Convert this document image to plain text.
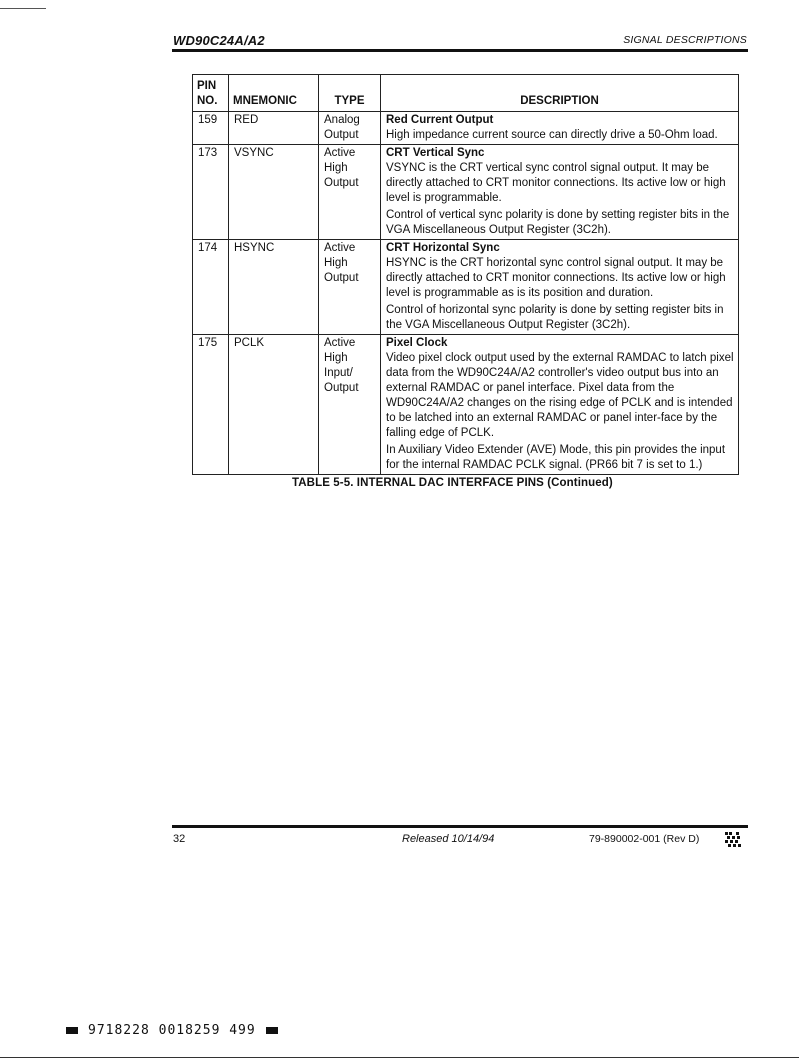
WD90C24A/A2	SIGNAL DESCRIPTIONS
PIN
NO.	MNEMONIC	TYPE	DESCRIPTION
159	RED	Analog Output	Red Current Output
High impedance current source can directly drive a 50-Ohm load.

173	VSYNC	Active High Output	CRT Vertical Sync
VSYNC is the CRT vertical sync control signal output. It may be directly attached to CRT monitor connections. Its active low or high level is programmable.
Control of vertical sync polarity is done by setting register bits in the VGA Miscellaneous Output Register (3C2h).

174	HSYNC	Active High Output	CRT Horizontal Sync
HSYNC is the CRT horizontal sync control signal output. It may be directly attached to CRT monitor connections. Its active low or high level is programmable as is its position and duration.
Control of horizontal sync polarity is done by setting register bits in the VGA Miscellaneous Output Register (3C2h).

175	PCLK	Active High Input/ Output	Pixel Clock
Video pixel clock output used by the external RAMDAC to latch pixel data from the WD90C24A/A2 controller's video output bus into an external RAMDAC or panel interface. Pixel data from the WD90C24A/A2 changes on the rising edge of PCLK and is intended to be latched into an external RAMDAC or panel inter-face by the falling edge of PCLK.
In Auxiliary Video Extender (AVE) Mode, this pin provides the input for the internal RAMDAC PCLK signal. (PR66 bit 7 is set to 1.)
TABLE 5-5. INTERNAL DAC INTERFACE PINS (Continued)
32	Released 10/14/94	79-890002-001 (Rev D)
9718228 0018259 499
